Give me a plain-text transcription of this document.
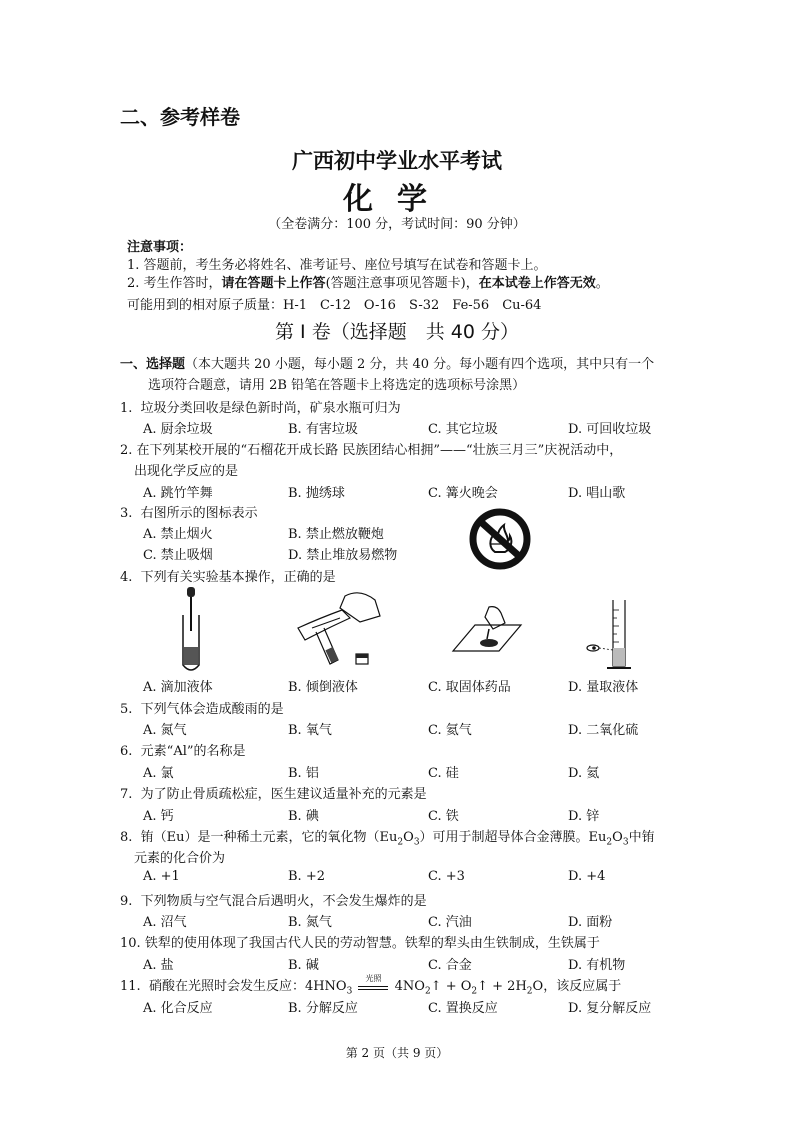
二、参考样卷
广西初中学业水平考试
化学
（全卷满分：100 分，考试时间：90 分钟）
注意事项：
1. 答题前，考生务必将姓名、准考证号、座位号填写在试卷和答题卡上。
2. 考生作答时，请在答题卡上作答(答题注意事项见答题卡)，在本试卷上作答无效。
可能用到的相对原子质量：H-1　C-12　O-16　S-32　Fe-56　Cu-64
第 I 卷（选择题　共 40 分）
一、选择题（本大题共 20 小题，每小题 2 分，共 40 分。每小题有四个选项，其中只有一个
选项符合题意，请用 2B 铅笔在答题卡上将选定的选项标号涂黑）
1. 垃圾分类回收是绿色新时尚，矿泉水瓶可归为
A. 厨余垃圾	B. 有害垃圾	C. 其它垃圾	D. 可回收垃圾
2. 在下列某校开展的“石榴花开成长路 民族团结心相拥”——“壮族三月三”庆祝活动中，
出现化学反应的是
A. 跳竹竿舞	B. 抛绣球	C. 篝火晚会	D. 唱山歌
3. 右图所示的图标表示
A. 禁止烟火	B. 禁止燃放鞭炮
C. 禁止吸烟	D. 禁止堆放易燃物
4. 下列有关实验基本操作，正确的是
A. 滴加液体	B. 倾倒液体	C. 取固体药品	D. 量取液体
5. 下列气体会造成酸雨的是
A. 氮气	B. 氧气	C. 氦气	D. 二氧化硫
6. 元素“Al”的名称是
A. 氯	B. 铝	C. 硅	D. 氦
7. 为了防止骨质疏松症，医生建议适量补充的元素是
A. 钙	B. 碘	C. 铁	D. 锌
8. 铕（Eu）是一种稀土元素，它的氧化物$(Eu_2O_3)$可用于制超导体合金薄膜。$Eu_2O_3$中铕
元素的化合价为
A. +1	B. +2	C. +3	D. +4
9. 下列物质与空气混合后遇明火，不会发生爆炸的是
A. 沼气	B. 氮气	C. 汽油	D. 面粉
10. 铁犁的使用体现了我国古代人民的劳动智慧。铁犁的犁头由生铁制成，生铁属于
A. 盐	B. 碱	C. 合金	D. 有机物
11. 硝酸在光照时会发生反应：$4HNO_3$
光照
$4NO_2↑$ + $O_2↑ + 2H_2O$，该反应属于
A. 化合反应	B. 分解反应	C. 置换反应	D. 复分解反应
第 2 页（共 9 页）
